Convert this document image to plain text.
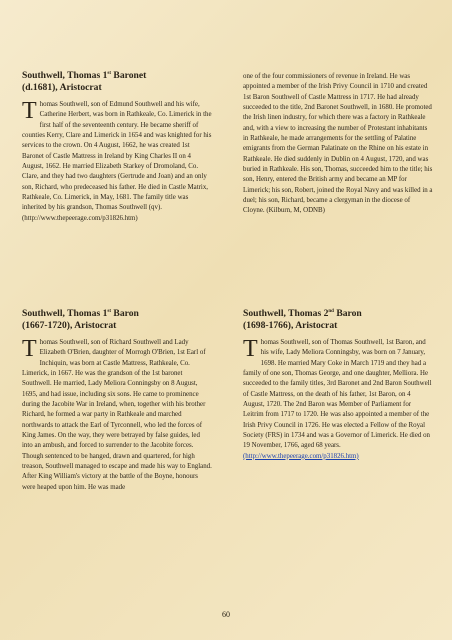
Southwell, Thomas 1st Baronet
(d.1681), Aristocrat

Thomas Southwell, son of Edmund Southwell and his wife, Catherine Herbert, was born in Rathkeale, Co. Limerick in the first half of the seventeenth century. He became sheriff of counties Kerry, Clare and Limerick in 1654 and was knighted for his services to the crown. On 4 August, 1662, he was created 1st Baronet of Castle Mattress in Ireland by King Charles II on 4 August, 1662. He married Elizabeth Starkey of Dromoland, Co. Clare, and they had two daughters (Gertrude and Joan) and an only son, Richard, who predeceased his father. He died in Castle Matrix, Rathkeale, Co. Limerick, in May, 1681. The family title was inherited by his grandson, Thomas Southwell (qv). (http://www.thepeerage.com/p31826.htm)

Southwell, Thomas 1st Baron
(1667-1720), Aristocrat

Thomas Southwell, son of Richard Southwell and Lady Elizabeth O'Brien, daughter of Morrogh O'Brien, 1st Earl of Inchiquin, was born at Castle Mattress, Rathkeale, Co. Limerick, in 1667. He was the grandson of the 1st baronet Southwell. He married, Lady Meliora Conningsby on 8 August, 1695, and had issue, including six sons. He came to prominence during the Jacobite War in Ireland, when, together with his brother Richard, he formed a war party in Rathkeale and marched northwards to attack the Earl of Tyrconnell, who led the forces of King James. On the way, they were betrayed by false guides, led into an ambush, and forced to surrender to the Jacobite forces. Though sentenced to be hanged, drawn and quartered, for high treason, Southwell managed to escape and made his way to England. After King William's victory at the battle of the Boyne, honours were heaped upon him. He was made

one of the four commissioners of revenue in Ireland. He was appointed a member of the Irish Privy Council in 1710 and created 1st Baron Southwell of Castle Mattress in 1717. He had already succeeded to the title, 2nd Baronet Southwell, in 1680. He promoted the Irish linen industry, for which there was a factory in Rathkeale and, with a view to increasing the number of Protestant inhabitants in Rathkeale, he made arrangements for the settling of Palatine emigrants from the German Palatinate on the Rhine on his estate in Rathkeale. He died suddenly in Dublin on 4 August, 1720, and was buried in Rathkeale. His son, Thomas, succeeded him to the title; his son, Henry, entered the British army and became an MP for Limerick; his son, Robert, joined the Royal Navy and was killed in a duel; his son, Richard, became a clergyman in the diocese of Cloyne. (Kilburn, M, ODNB)

Southwell, Thomas 2nd Baron
(1698-1766), Aristocrat

Thomas Southwell, son of Thomas Southwell, 1st Baron, and his wife, Lady Meliora Conningsby, was born on 7 January, 1698. He married Mary Coke in March 1719 and they had a family of one son, Thomas George, and one daughter, Melliora. He succeeded to the family titles, 3rd Baronet and 2nd Baron Southwell of Castle Mattress, on the death of his father, 1st Baron, on 4 August, 1720. The 2nd Baron was Member of Parliament for Leitrim from 1717 to 1720. He was also appointed a member of the Irish Privy Council in 1726. He was elected a Fellow of the Royal Society (FRS) in 1734 and was a Governor of Limerick. He died on 19 November, 1766, aged 68 years. (http://www.thepeerage.com/p31826.htm)

60
